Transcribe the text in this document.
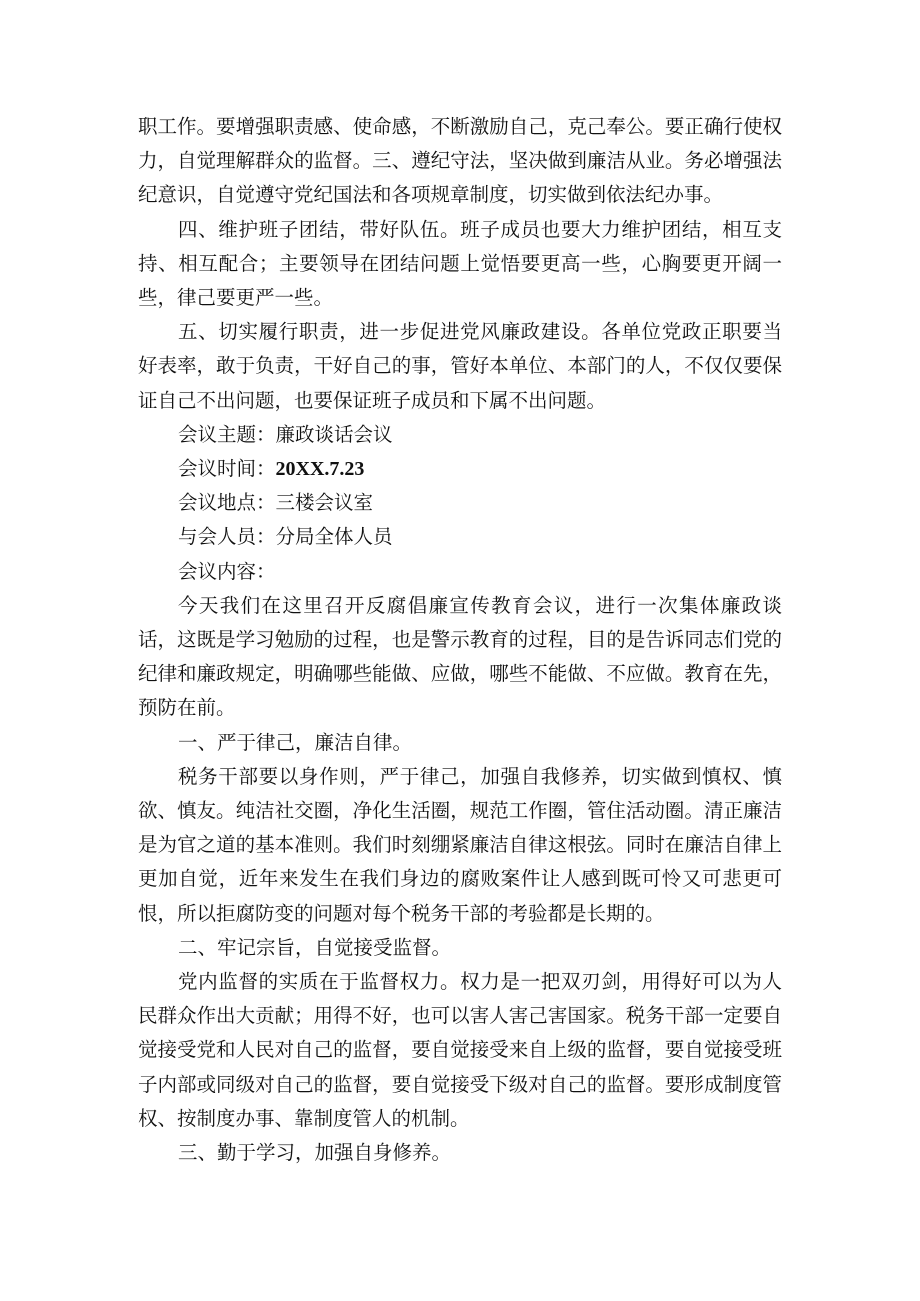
职工作。要增强职责感、使命感，不断激励自己，克己奉公。要正确行使权力，自觉理解群众的监督。三、遵纪守法，坚决做到廉洁从业。务必增强法纪意识，自觉遵守党纪国法和各项规章制度，切实做到依法纪办事。

四、维护班子团结，带好队伍。班子成员也要大力维护团结，相互支持、相互配合；主要领导在团结问题上觉悟要更高一些，心胸要更开阔一些，律己要更严一些。

五、切实履行职责，进一步促进党风廉政建设。各单位党政正职要当好表率，敢于负责，干好自己的事，管好本单位、本部门的人，不仅仅要保证自己不出问题，也要保证班子成员和下属不出问题。

会议主题：廉政谈话会议

会议时间：20XX.7.23

会议地点：三楼会议室

与会人员：分局全体人员

会议内容：

今天我们在这里召开反腐倡廉宣传教育会议，进行一次集体廉政谈话，这既是学习勉励的过程，也是警示教育的过程，目的是告诉同志们党的纪律和廉政规定，明确哪些能做、应做，哪些不能做、不应做。教育在先，预防在前。

一、严于律己，廉洁自律。

税务干部要以身作则，严于律己，加强自我修养，切实做到慎权、慎欲、慎友。纯洁社交圈，净化生活圈，规范工作圈，管住活动圈。清正廉洁是为官之道的基本准则。我们时刻绷紧廉洁自律这根弦。同时在廉洁自律上更加自觉，近年来发生在我们身边的腐败案件让人感到既可怜又可悲更可恨，所以拒腐防变的问题对每个税务干部的考验都是长期的。

二、牢记宗旨，自觉接受监督。

党内监督的实质在于监督权力。权力是一把双刃剑，用得好可以为人民群众作出大贡献；用得不好，也可以害人害己害国家。税务干部一定要自觉接受党和人民对自己的监督，要自觉接受来自上级的监督，要自觉接受班子内部或同级对自己的监督，要自觉接受下级对自己的监督。要形成制度管权、按制度办事、靠制度管人的机制。

三、勤于学习，加强自身修养。
